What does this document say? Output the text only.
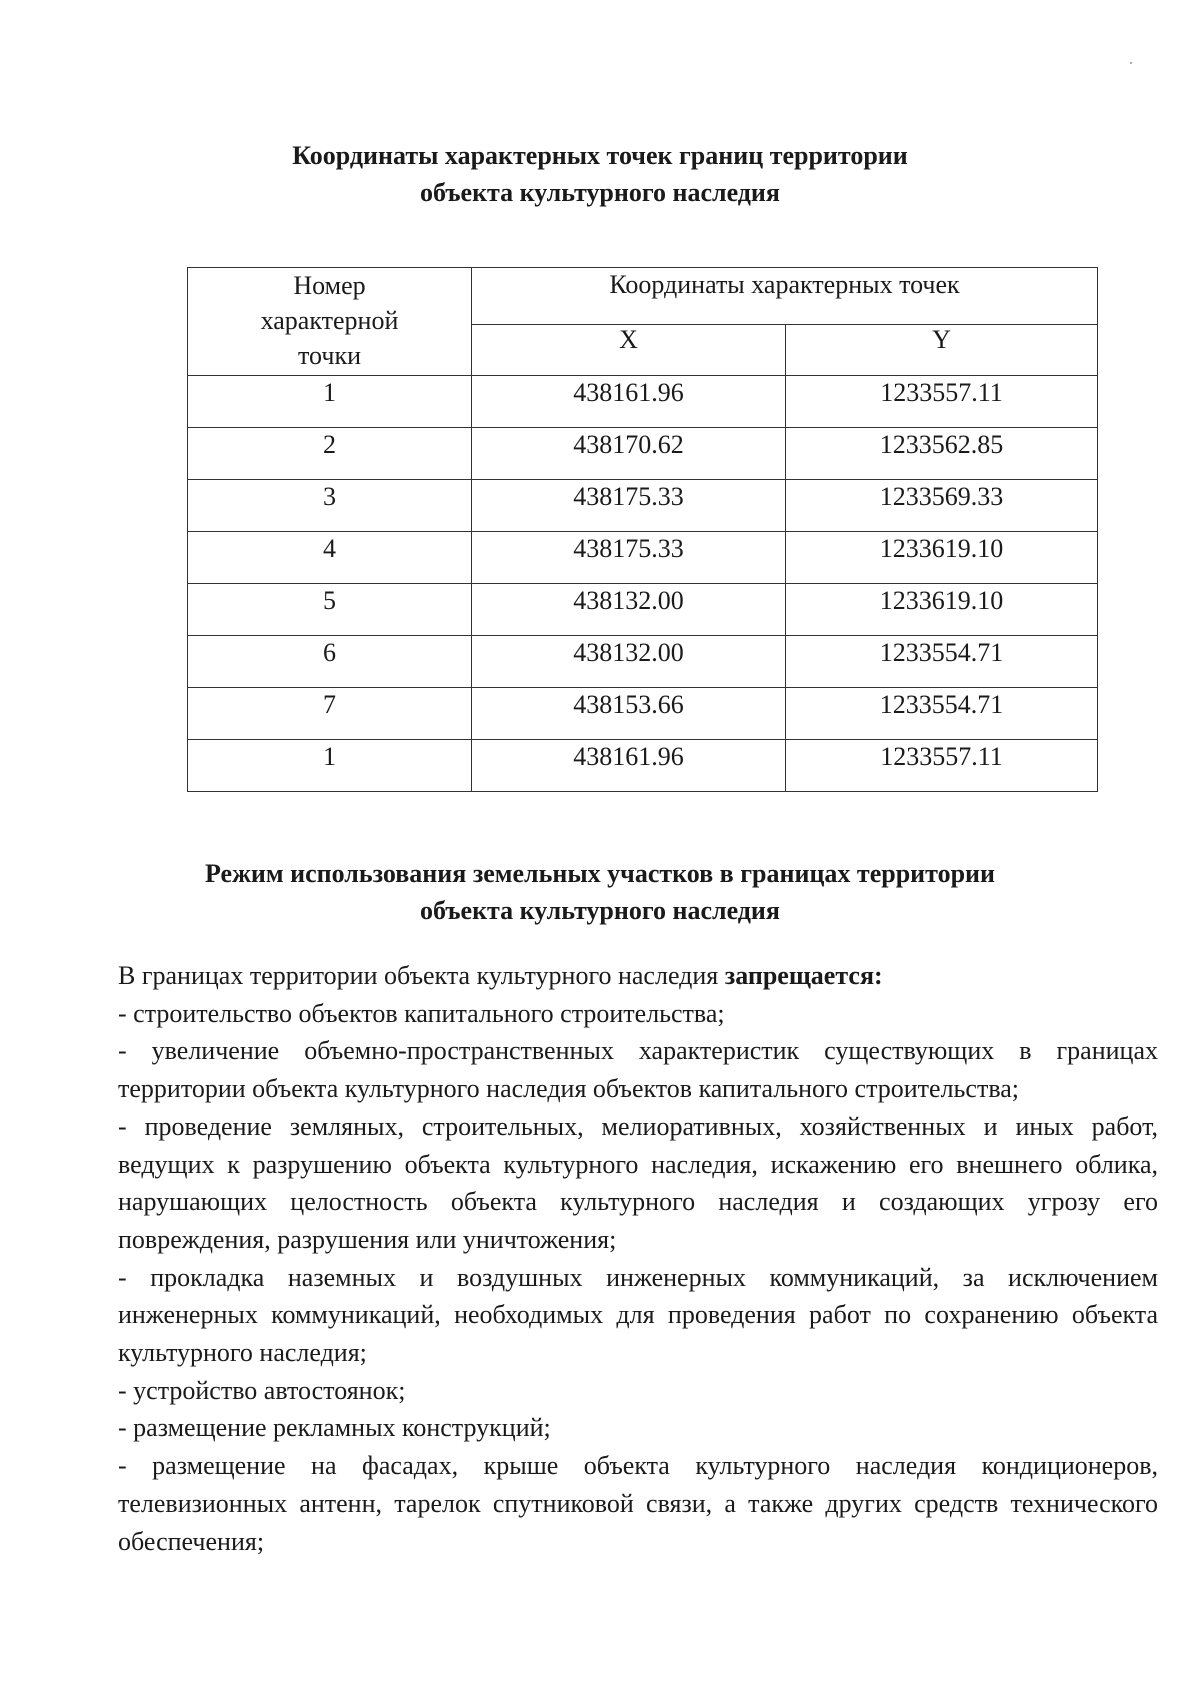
Координаты характерных точек границ территории
объекта культурного наследия
Номер
характерной
точки	Координаты характерных точек	
	X	Y
1	438161.96	1233557.11
2	438170.62	1233562.85
3	438175.33	1233569.33
4	438175.33	1233619.10
5	438132.00	1233619.10
6	438132.00	1233554.71
7	438153.66	1233554.71
1	438161.96	1233557.11
Режим использования земельных участков в границах территории
объекта культурного наследия

В границах территории объекта культурного наследия запрещается:

- строительство объектов капитального строительства;

- увеличение объемно-пространственных характеристик существующих в границах территории объекта культурного наследия объектов капитального строительства;

- проведение земляных, строительных, мелиоративных, хозяйственных и иных работ, ведущих к разрушению объекта культурного наследия, искажению его внешнего облика, нарушающих целостность объекта культурного наследия и создающих угрозу его повреждения, разрушения или уничтожения;

- прокладка наземных и воздушных инженерных коммуникаций, за исключением инженерных коммуникаций, необходимых для проведения работ по сохранению объекта культурного наследия;

- устройство автостоянок;

- размещение рекламных конструкций;

- размещение на фасадах, крыше объекта культурного наследия кондиционеров, телевизионных антенн, тарелок спутниковой связи, а также других средств технического обеспечения;
